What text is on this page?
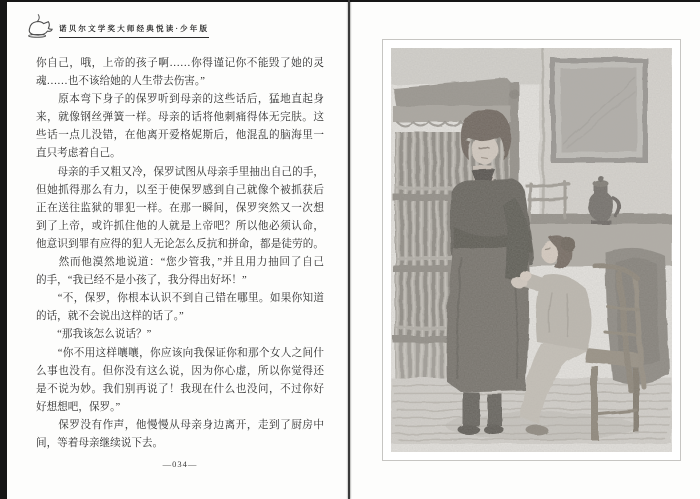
诺贝尔文学奖大师经典悦读·少年版
你自己，哦，上帝的孩子啊……你得谨记你不能毁了她的灵
魂……也不该给她的人生带去伤害。”
　　原本弯下身子的保罗听到母亲的这些话后，猛地直起身
来，就像钢丝弹簧一样。母亲的话将他刺痛得体无完肤。这
些话一点儿没错，在他离开爱格妮斯后，他混乱的脑海里一
直只考虑着自己。
　　母亲的手又粗又冷，保罗试图从母亲手里抽出自己的手，
但她抓得那么有力，以至于使保罗感到自己就像个被抓获后
正在送往监狱的罪犯一样。在那一瞬间，保罗突然又一次想
到了上帝，或许抓住他的人就是上帝吧？所以他必须认命，
他意识到罪有应得的犯人无论怎么反抗和拼命，都是徒劳的。
　　然而他漠然地说道：“您少管我，”并且用力抽回了自己
的手，“我已经不是小孩了，我分得出好坏！”
　　“不，保罗，你根本认识不到自己错在哪里。如果你知道
的话，就不会说出这样的话了。”
　　“那我该怎么说话？”
　　“你不用这样嚷嚷，你应该向我保证你和那个女人之间什
么事也没有。但你没有这么说，因为你心虚，所以你觉得还
是不说为妙。我们别再说了！我现在什么也没问，不过你好
好想想吧，保罗。”
　　保罗没有作声，他慢慢从母亲身边离开，走到了厨房中
间，等着母亲继续说下去。
—034—
